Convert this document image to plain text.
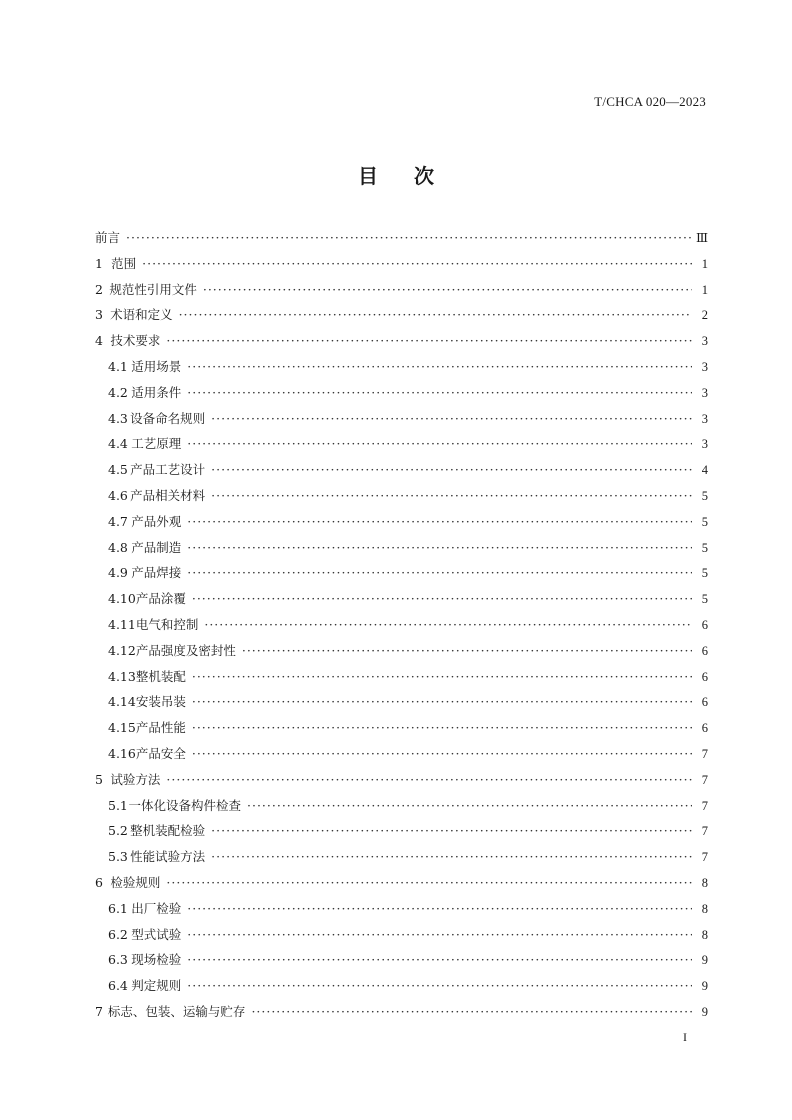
T/CHCA 020—2023
目次
前言 ·····	Ⅲ
1 范围 ·····	1
2 规范性引用文件 ·····	1
3 术语和定义 ·····	2
4 技术要求 ·····	3
4.1 适用场景 ·····	3
4.2 适用条件 ·····	3
4.3 设备命名规则 ·····	3
4.4 工艺原理 ·····	3
4.5 产品工艺设计 ·····	4
4.6 产品相关材料 ·····	5
4.7 产品外观 ·····	5
4.8 产品制造 ·····	5
4.9 产品焊接 ·····	5
4.10 产品涂覆 ·····	5
4.11 电气和控制 ·····	6
4.12 产品强度及密封性 ·····	6
4.13 整机装配 ·····	6
4.14 安装吊装 ·····	6
4.15 产品性能 ·····	6
4.16 产品安全 ·····	7
5 试验方法 ·····	7
5.1 一体化设备构件检查 ·····	7
5.2 整机装配检验 ·····	7
5.3 性能试验方法 ·····	7
6 检验规则 ·····	8
6.1 出厂检验 ·····	8
6.2 型式试验 ·····	8
6.3 现场检验 ·····	9
6.4 判定规则 ·····	9
7 标志、包装、运输与贮存 ·····	9
I
